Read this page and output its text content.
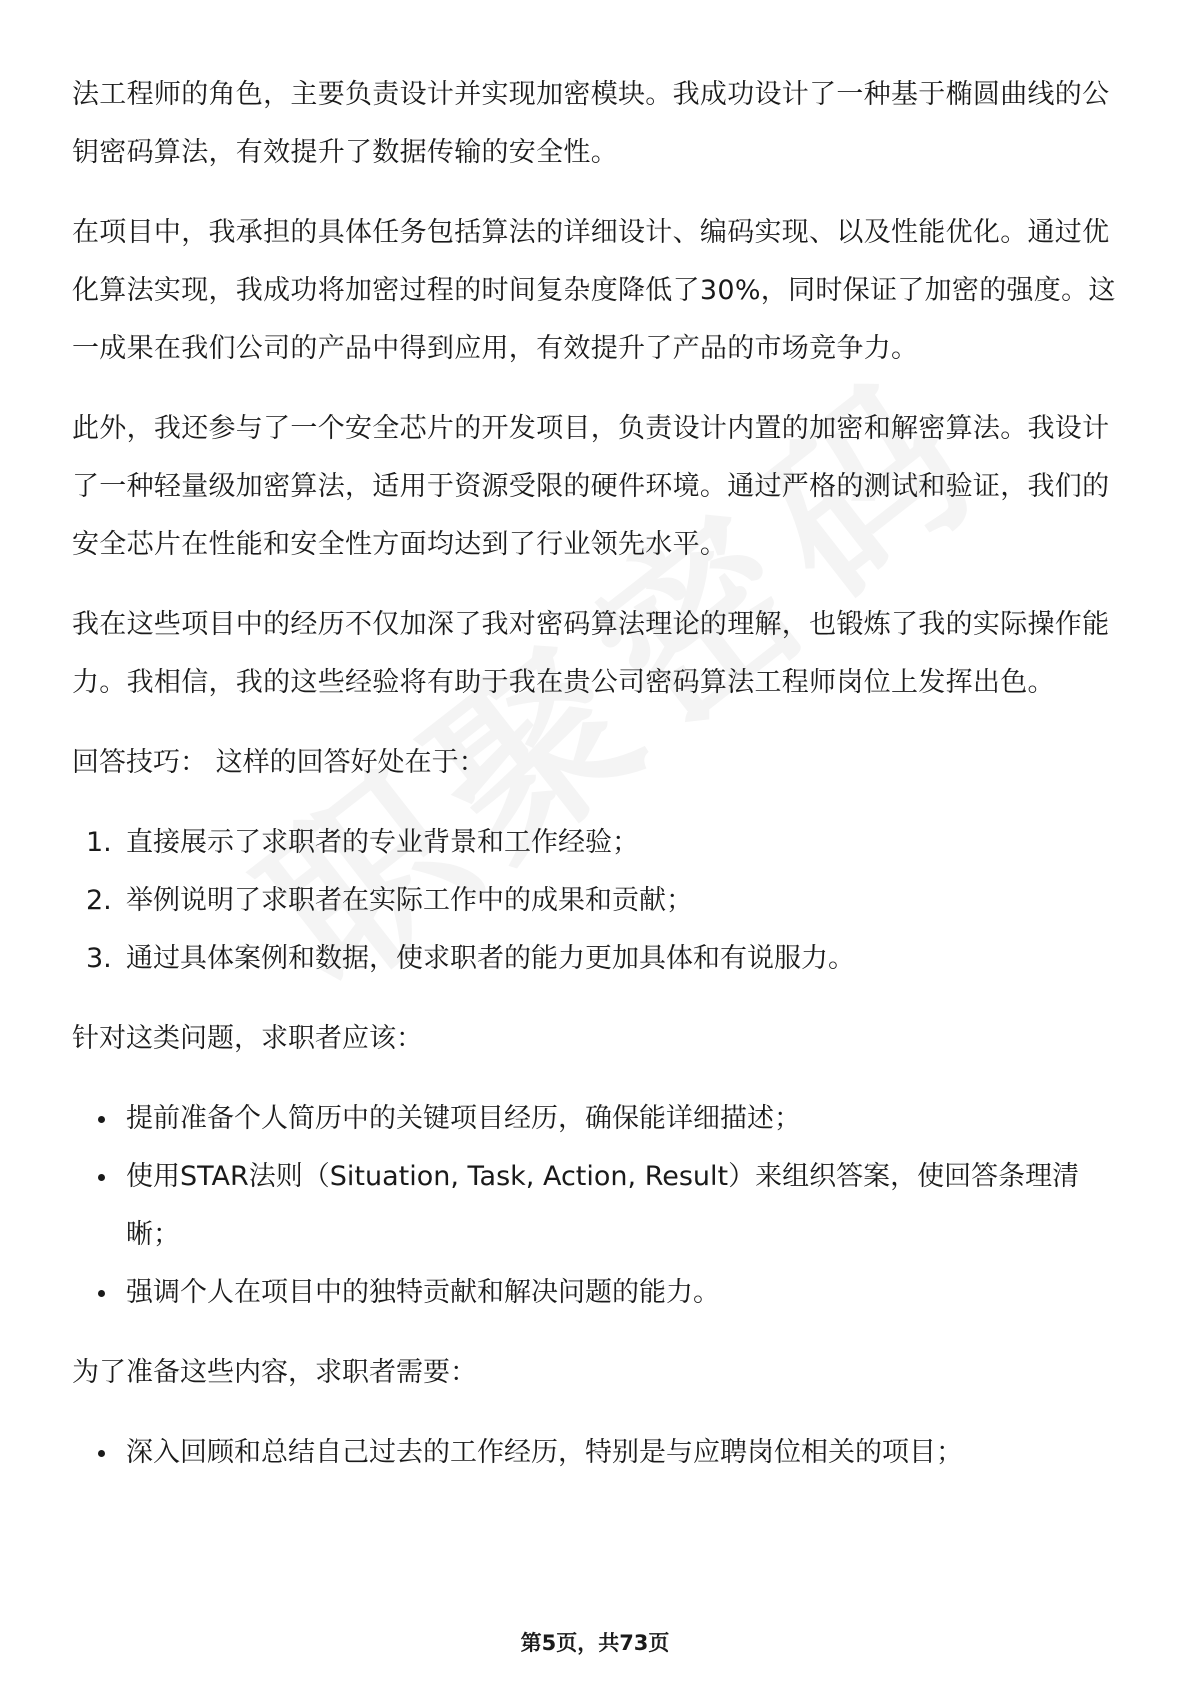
法工程师的角色，主要负责设计并实现加密模块。我成功设计了一种基于椭圆曲线的公钥密码算法，有效提升了数据传输的安全性。

在项目中，我承担的具体任务包括算法的详细设计、编码实现、以及性能优化。通过优化算法实现，我成功将加密过程的时间复杂度降低了30%，同时保证了加密的强度。这一成果在我们公司的产品中得到应用，有效提升了产品的市场竞争力。

此外，我还参与了一个安全芯片的开发项目，负责设计内置的加密和解密算法。我设计了一种轻量级加密算法，适用于资源受限的硬件环境。通过严格的测试和验证，我们的安全芯片在性能和安全性方面均达到了行业领先水平。

我在这些项目中的经历不仅加深了我对密码算法理论的理解，也锻炼了我的实际操作能力。我相信，我的这些经验将有助于我在贵公司密码算法工程师岗位上发挥出色。

回答技巧： 这样的回答好处在于：

1. 直接展示了求职者的专业背景和工作经验；
2. 举例说明了求职者在实际工作中的成果和贡献；
3. 通过具体案例和数据，使求职者的能力更加具体和有说服力。

针对这类问题，求职者应该：

提前准备个人简历中的关键项目经历，确保能详细描述；
使用STAR法则（Situation, Task, Action, Result）来组织答案，使回答条理清晰；
强调个人在项目中的独特贡献和解决问题的能力。

为了准备这些内容，求职者需要：

深入回顾和总结自己过去的工作经历，特别是与应聘岗位相关的项目；
第5页，共73页
